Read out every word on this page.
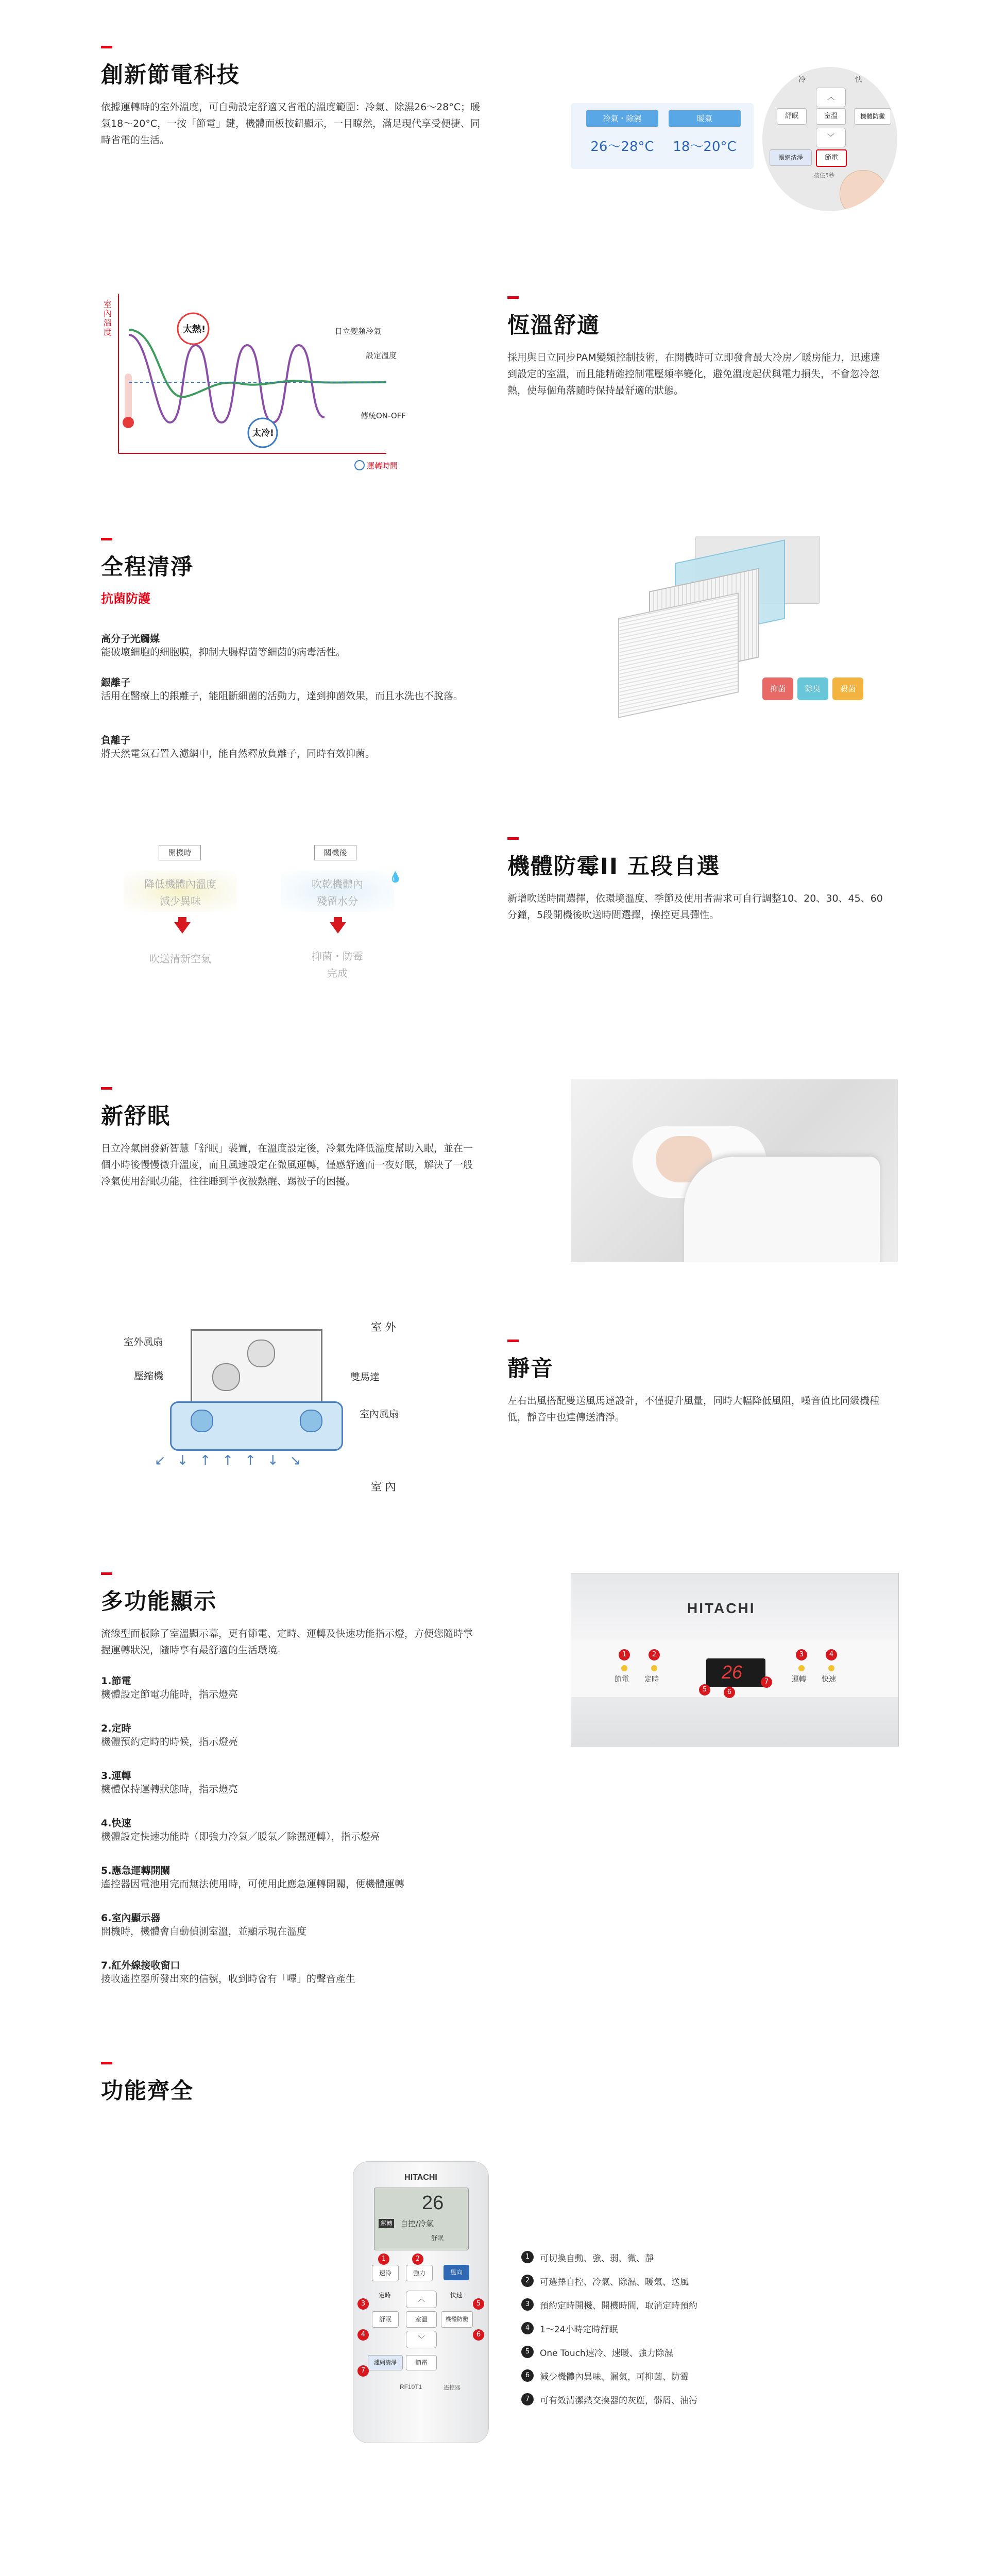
創新節電科技

依據運轉時的室外溫度，可自動設定舒適又省電的溫度範圍：冷氣、除濕26～28°C；暖氣18～20°C，一按「節電」鍵，機體面板按鈕顯示，一目瞭然，滿足現代享受便捷、同時省電的生活。

冷氣・除濕	暖氣
26～28°C	18～20°C
冷	快
舒眠	室溫	機體防黴
︿
﹀
濾網清淨	節電
按住5秒
室內溫度	太熱!
太冷!
日立變頻冷氣
設定溫度
傳統ON-OFF
運轉時間
恆溫舒適

採用與日立同步PAM變頻控制技術，在開機時可立即發會最大冷房／暖房能力，迅速達到設定的室溫，而且能精確控制電壓頻率變化，避免溫度起伏與電力損失，不會忽冷忽熱，使每個角落隨時保持最舒適的狀態。

全程清淨
抗菌防護
高分子光觸媒

能破壞細胞的細胞膜，抑制大腸桿菌等細菌的病毒活性。

銀離子

活用在醫療上的銀離子，能阻斷細菌的活動力，達到抑菌效果，而且水洗也不脫落。

負離子

將天然電氣石置入濾網中，能自然釋放負離子，同時有效抑菌。

抑菌	除臭	殺菌
開機時	關機後
降低機體內溫度
減少異味
吹乾機體內
殘留水分
💧
吹送清新空氣	抑菌・防霉
完成
機體防霉II 五段自選

新增吹送時間選擇，依環境溫度、季節及使用者需求可自行調整10、20、30、45、60分鐘，5段開機後吹送時間選擇，操控更具彈性。

新舒眠

日立冷氣開發新智慧「舒眠」裝置，在溫度設定後，冷氣先降低溫度幫助入眠，並在一個小時後慢慢微升溫度，而且風速設定在微風運轉，僅感舒適而一夜好眠，解決了一般冷氣使用舒眠功能，往往睡到半夜被熱醒、踢被子的困擾。

室 外
室外風扇
壓縮機	雙馬達
室內風扇
室 內
↙↓↑↑↑↓↘
靜音

左右出風搭配雙送風馬達設計，不僅提升風量，同時大幅降低風阻，噪音值比同級機種低，靜音中也達傳送清淨。

多功能顯示

流線型面板除了室溫顯示幕，更有節電、定時、運轉及快速功能指示燈，方便您隨時掌握運轉狀況，隨時享有最舒適的生活環境。

1.節電

機體設定節電功能時，指示燈亮

2.定時

機體預約定時的時候，指示燈亮

3.運轉

機體保持運轉狀態時，指示燈亮

4.快速

機體設定快速功能時（即強力冷氣／暖氣／除濕運轉），指示燈亮

5.應急運轉開關

遙控器因電池用完而無法使用時，可使用此應急運轉開關，便機體運轉

6.室內顯示器

開機時，機體會自動偵測室溫，並顯示現在溫度

7.紅外線接收窗口

接收遙控器所發出來的信號，收到時會有「嗶」的聲音產生

HITACHI
1	2	3	4
節電 定時	運轉 快速
26
5	6
7
功能齊全
HITACHI
26
運轉 自控/冷氣
舒眠
速冷	強力	風向
定時	快速
舒眠	室溫	機體防黴
︿
﹀
濾網清淨	節電
RF10T1	遙控器
1	2
3
4
5
6
7
1	可切換自動、強、弱、微、靜
2	可選擇自控、冷氣、除濕、暖氣、送風
3	預約定時開機、開機時間，取消定時預約
4	1～24小時定時舒眠
5	One Touch速冷、速暖、強力除濕
6	減少機體內異味、漏氣，可抑菌、防霉
7	可有效清潔熱交換器的灰塵，髒屑、油污
